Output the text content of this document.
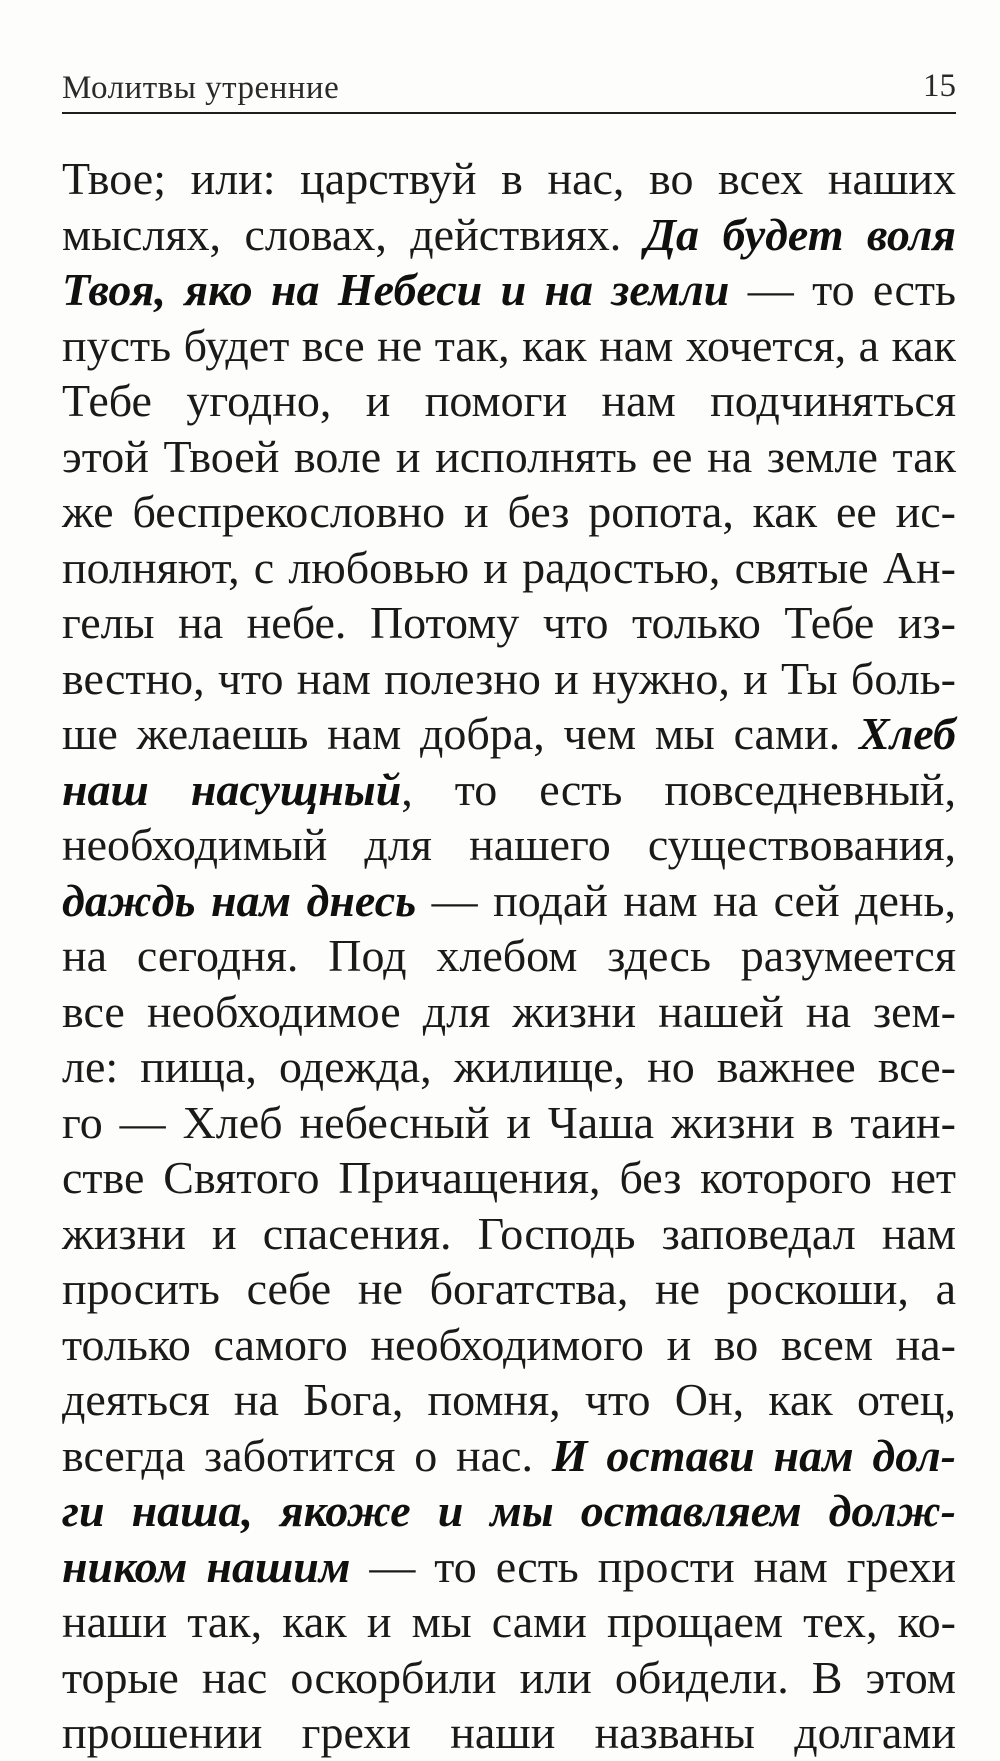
Молитвы утренние	15
Твое; или: царствуй в нас, во всех наших
мыслях, словах, действиях. Да будет воля
Твоя, яко на Небеси и на земли — то есть
пусть будет все не так, как нам хочется, а как
Тебе угодно, и помоги нам подчиняться
этой Твоей воле и исполнять ее на земле так
же беспрекословно и без ропота, как ее ис-
полняют, с любовью и радостью, святые Ан-
гелы на небе. Потому что только Тебе из-
вестно, что нам полезно и нужно, и Ты боль-
ше желаешь нам добра, чем мы сами. Хлеб
наш насущный, то есть повседневный,
необходимый для нашего существования,
даждь нам днесь — подай нам на сей день,
на сегодня. Под хлебом здесь разумеется
все необходимое для жизни нашей на зем-
ле: пища, одежда, жилище, но важнее все-
го — Хлеб небесный и Чаша жизни в таин-
стве Святого Причащения, без которого нет
жизни и спасения. Господь заповедал нам
просить себе не богатства, не роскоши, а
только самого необходимого и во всем на-
деяться на Бога, помня, что Он, как отец,
всегда заботится о нас. И остави нам дол-
ги наша, якоже и мы оставляем долж-
ником нашим — то есть прости нам грехи
наши так, как и мы сами прощаем тех, ко-
торые нас оскорбили или обидели. В этом
прошении грехи наши названы долгами
